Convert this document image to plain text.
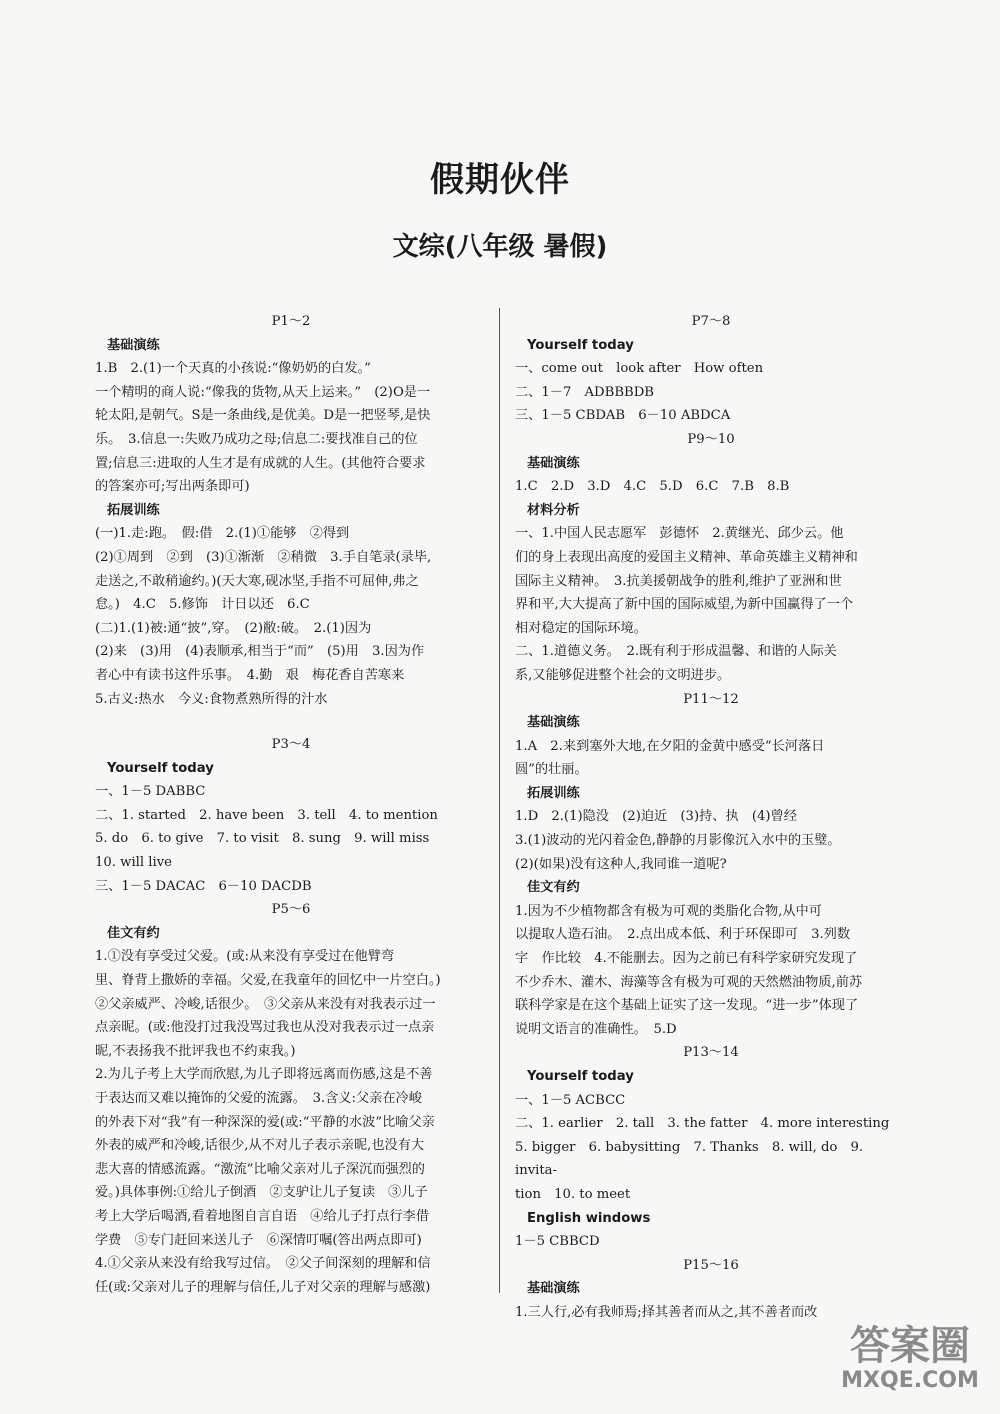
假期伙伴
文综(八年级 暑假)

P1～2

基础演练

1.B　2.(1)一个天真的小孩说:“像奶奶的白发。”

一个精明的商人说:“像我的货物,从天上运来。”　(2)O是一

轮太阳,是朝气。S是一条曲线,是优美。D是一把竖琴,是快

乐。　3.信息一:失败乃成功之母;信息二:要找准自己的位

置;信息三:进取的人生才是有成就的人生。(其他符合要求

的答案亦可;写出两条即可)

拓展训练

(一)1.走:跑。　假:借　2.(1)①能够　②得到

(2)①周到　②到　(3)①渐渐　②稍微　3.手自笔录(录毕,

走送之,不敢稍逾约。)(天大寒,砚冰坚,手指不可屈伸,弗之

怠。)　4.C　5.修饰　计日以还　6.C

(二)1.(1)被:通“披”,穿。　(2)敝:破。　2.(1)因为

(2)来　(3)用　(4)表顺承,相当于“而”　(5)用　3.因为作

者心中有读书这件乐事。　4.勤　艰　梅花香自苦寒来

5.古义:热水　今义:食物煮熟所得的汁水

P3～4

Yourself today

一、1－5 DABBC

二、1. started　2. have been　3. tell　4. to mention

5. do　6. to give　7. to visit　8. sung　9. will miss

10. will live

三、1－5 DACAC　6－10 DACDB

P5～6

佳文有约

1.①没有享受过父爱。(或:从来没有享受过在他臂弯

里、脊背上撒娇的幸福。父爱,在我童年的回忆中一片空白。)

②父亲威严、冷峻,话很少。　③父亲从来没有对我表示过一

点亲昵。(或:他没打过我没骂过我也从没对我表示过一点亲

昵,不表扬我不批评我也不约束我。)

2.为儿子考上大学而欣慰,为儿子即将远离而伤感,这是不善

于表达而又难以掩饰的父爱的流露。　3.含义:父亲在冷峻

的外表下对“我”有一种深深的爱(或:“平静的水波”比喻父亲

外表的威严和冷峻,话很少,从不对儿子表示亲昵,也没有大

悲大喜的情感流露。“激流”比喻父亲对儿子深沉而强烈的

爱。)具体事例:①给儿子倒酒　②支驴让儿子复读　③儿子

考上大学后喝酒,看着地图自言自语　④给儿子打点行李借

学费　⑤专门赶回来送儿子　⑥深情叮嘱(答出两点即可)

4.①父亲从来没有给我写过信。　②父子间深刻的理解和信

任(或:父亲对儿子的理解与信任,儿子对父亲的理解与感激)

P7～8

Yourself today

一、come out　look after　How often

二、1－7　ADBBBDB

三、1－5 CBDAB　6－10 ABDCA

P9～10

基础演练

1.C　2.D　3.D　4.C　5.D　6.C　7.B　8.B

材料分析

一、1.中国人民志愿军　彭德怀　2.黄继光、邱少云。他

们的身上表现出高度的爱国主义精神、革命英雄主义精神和

国际主义精神。　3.抗美援朝战争的胜利,维护了亚洲和世

界和平,大大提高了新中国的国际威望,为新中国赢得了一个

相对稳定的国际环境。

二、1.道德义务。　2.既有利于形成温馨、和谐的人际关

系,又能够促进整个社会的文明进步。

P11～12

基础演练

1.A　2.来到塞外大地,在夕阳的金黄中感受“长河落日

圆”的壮丽。

拓展训练

1.D　2.(1)隐没　(2)迫近　(3)持、执　(4)曾经

3.(1)波动的光闪着金色,静静的月影像沉入水中的玉璧。

(2)(如果)没有这种人,我同谁一道呢?

佳文有约

1.因为不少植物都含有极为可观的类脂化合物,从中可

以提取人造石油。　2.点出成本低、利于环保即可　3.列数

字　作比较　4.不能删去。因为之前已有科学家研究发现了

不少乔木、灌木、海藻等含有极为可观的天然燃油物质,前苏

联科学家是在这个基础上证实了这一发现。“进一步”体现了

说明文语言的准确性。　5.D

P13～14

Yourself today

一、1－5 ACBCC

二、1. earlier　2. tall　3. the fatter　4. more interesting

5. bigger　6. babysitting　7. Thanks　8. will, do　9. invita-

tion　10. to meet

English windows

1－5 CBBCD

P15～16

基础演练

1.三人行,必有我师焉;择其善者而从之,其不善者而改

答案圈
MXQE.COM
